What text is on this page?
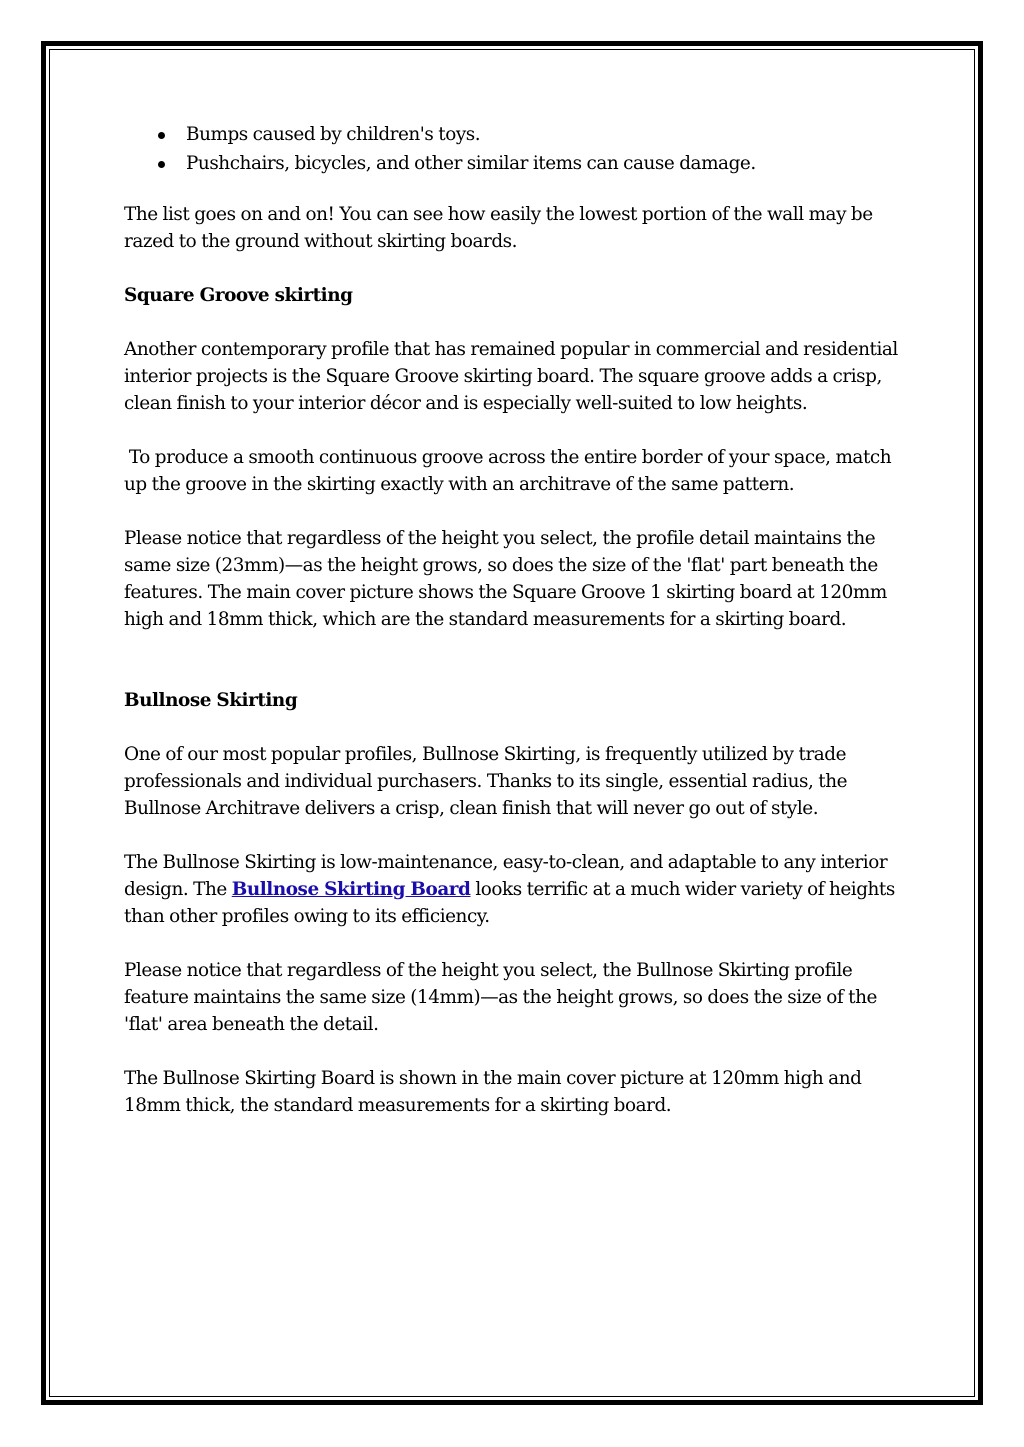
Bumps caused by children's toys.
Pushchairs, bicycles, and other similar items can cause damage.

The list goes on and on! You can see how easily the lowest portion of the wall may be razed to the ground without skirting boards.

Square Groove skirting

Another contemporary profile that has remained popular in commercial and residential interior projects is the Square Groove skirting board. The square groove adds a crisp, clean finish to your interior décor and is especially well-suited to low heights.

To produce a smooth continuous groove across the entire border of your space, match up the groove in the skirting exactly with an architrave of the same pattern.

Please notice that regardless of the height you select, the profile detail maintains the same size (23mm)—as the height grows, so does the size of the 'flat' part beneath the features. The main cover picture shows the Square Groove 1 skirting board at 120mm high and 18mm thick, which are the standard measurements for a skirting board.

Bullnose Skirting

One of our most popular profiles, Bullnose Skirting, is frequently utilized by trade professionals and individual purchasers. Thanks to its single, essential radius, the Bullnose Architrave delivers a crisp, clean finish that will never go out of style.

The Bullnose Skirting is low-maintenance, easy-to-clean, and adaptable to any interior design. The Bullnose Skirting Board looks terrific at a much wider variety of heights than other profiles owing to its efficiency.

Please notice that regardless of the height you select, the Bullnose Skirting profile feature maintains the same size (14mm)—as the height grows, so does the size of the 'flat' area beneath the detail.

The Bullnose Skirting Board is shown in the main cover picture at 120mm high and 18mm thick, the standard measurements for a skirting board.
